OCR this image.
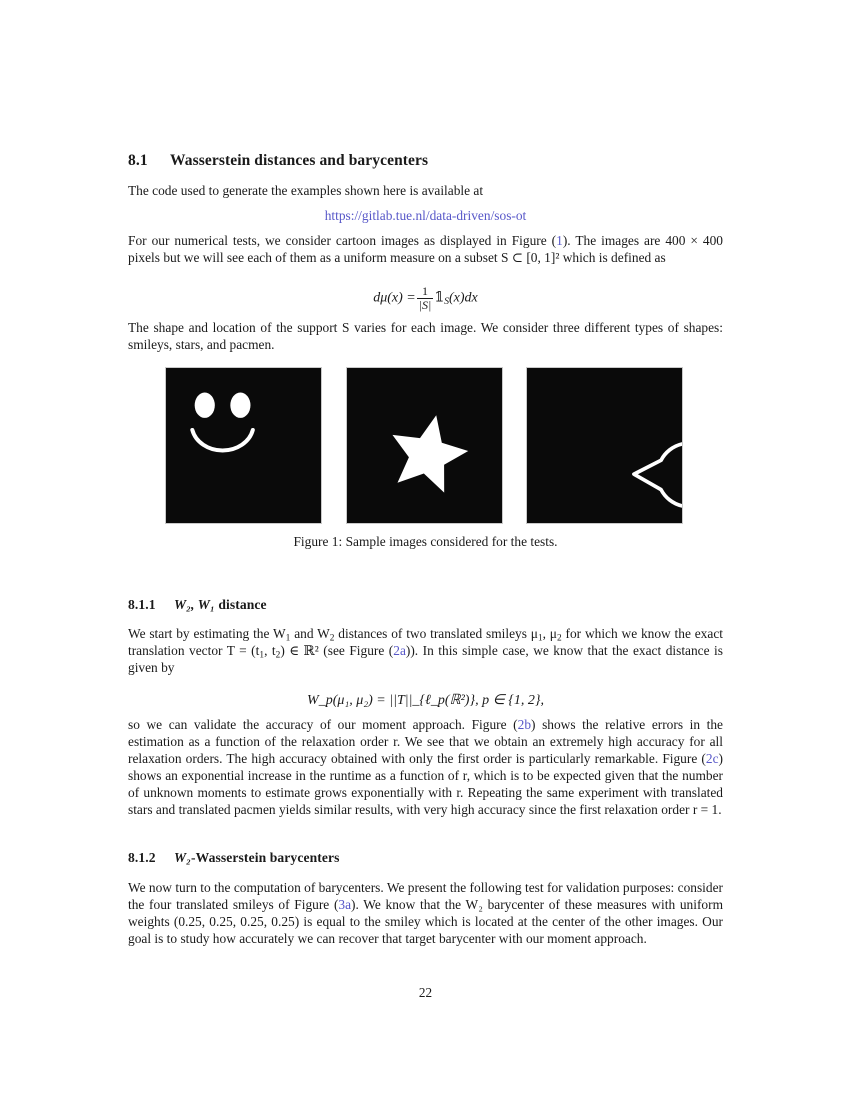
8.1 Wasserstein distances and barycenters

The code used to generate the examples shown here is available at

https://gitlab.tue.nl/data-driven/sos-ot

For our numerical tests, we consider cartoon images as displayed in Figure (1). The images are 400 × 400 pixels but we will see each of them as a uniform measure on a subset S ⊂ [0, 1]² which is defined as

$d\mu(x) = \frac{1}{|S|}$ $𝟙_S(x)dx$

The shape and location of the support S varies for each image. We consider three different types of shapes: smileys, stars, and pacmen.

Figure 1: Sample images considered for the tests.
8.1.1 W₂, W₁ distance

We start by estimating the $W_1$ and $W_2$ distances of two translated smileys $\mu_1$, $\mu_2$ for which we know the exact translation vector $T = (t_1$, $t_2$) ∈ ℝ² (see Figure (2a)). In this simple case, we know that the exact distance is given by

W_p(μ₁, μ₂) = ||T||_{ℓ_p(ℝ²)}, p ∈ {1, 2},

so we can validate the accuracy of our moment approach. Figure (2b) shows the relative errors in the estimation as a function of the relaxation order r. We see that we obtain an extremely high accuracy for all relaxation orders. The high accuracy obtained with only the first order is particularly remarkable. Figure (2c) shows an exponential increase in the runtime as a function of r, which is to be expected given that the number of unknown moments to estimate grows exponentially with r. Repeating the same experiment with translated stars and translated pacmen yields similar results, with very high accuracy since the first relaxation order r = 1.

8.1.2 W₂-Wasserstein barycenters

We now turn to the computation of barycenters. We present the following test for validation purposes: consider the four translated smileys of Figure (3a). We know that the W₂ barycenter of these measures with uniform weights (0.25, 0.25, 0.25, 0.25) is equal to the smiley which is located at the center of the other images. Our goal is to study how accurately we can recover that target barycenter with our moment approach.

22
